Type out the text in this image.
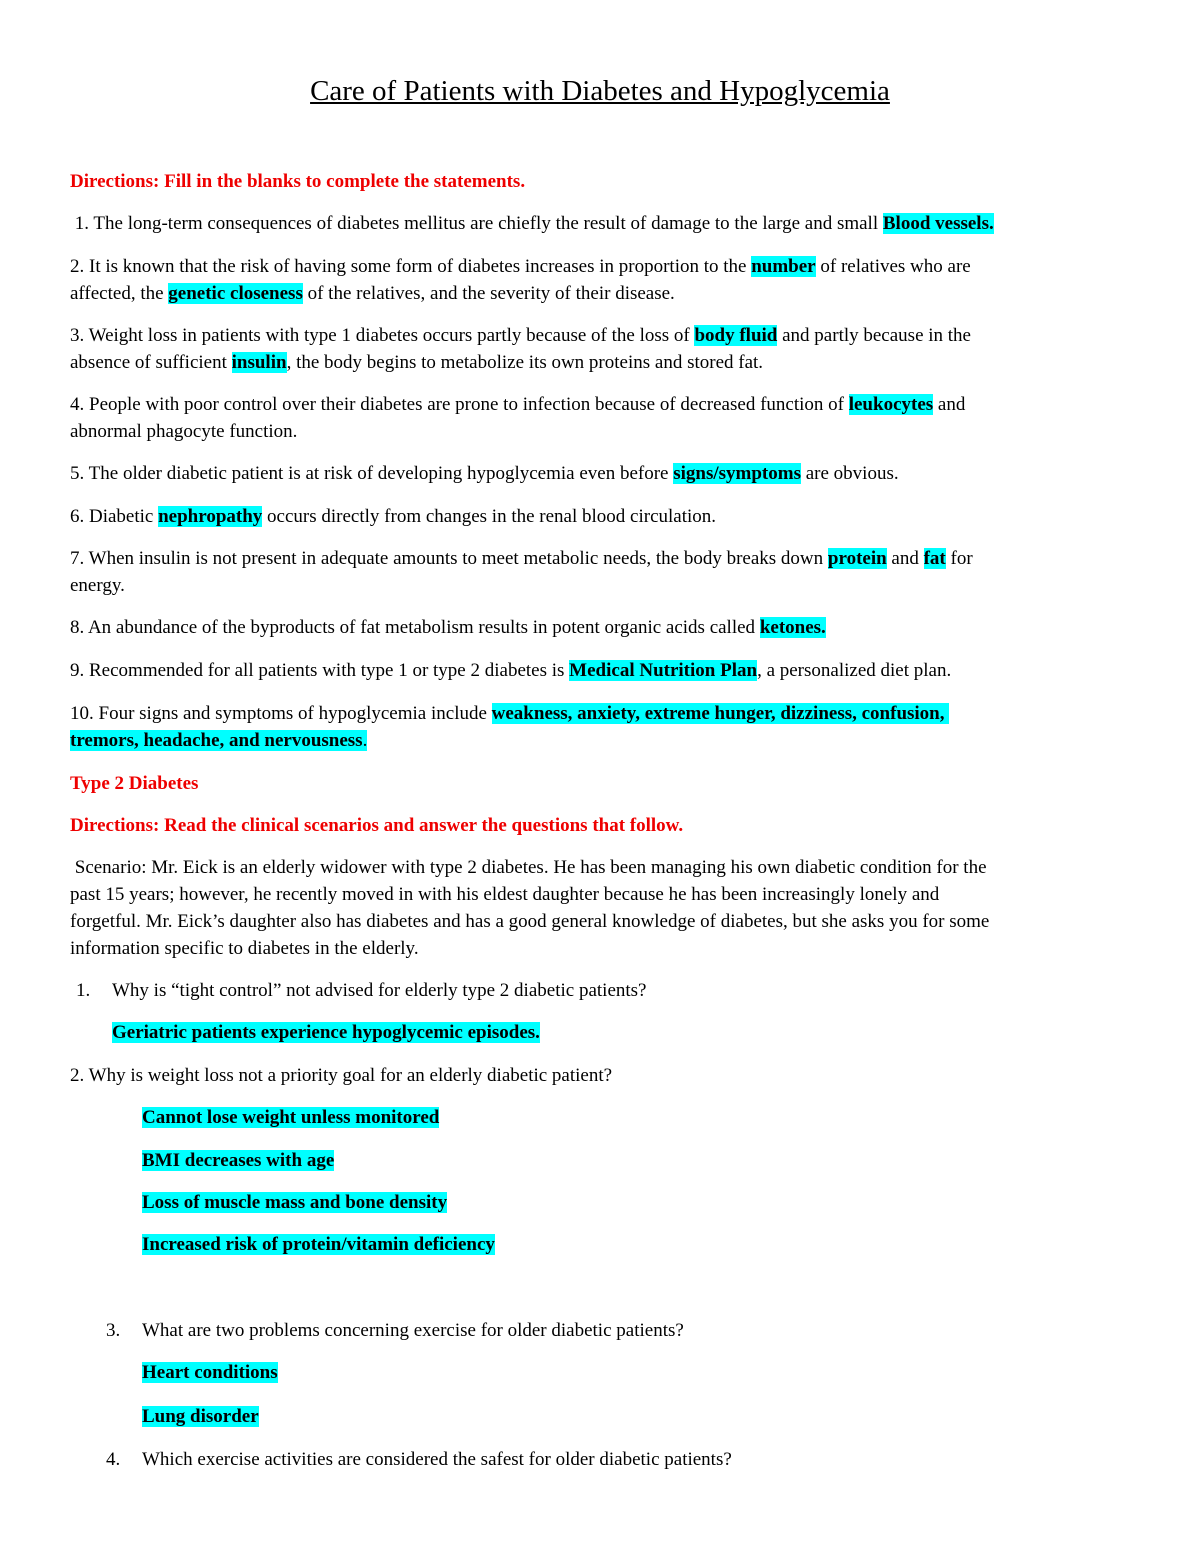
Care of Patients with Diabetes and Hypoglycemia

Directions: Fill in the blanks to complete the statements.

1. The long-term consequences of diabetes mellitus are chiefly the result of damage to the large and small Blood vessels.

2. It is known that the risk of having some form of diabetes increases in proportion to the number of relatives who are

affected, the genetic closeness of the relatives, and the severity of their disease.

3. Weight loss in patients with type 1 diabetes occurs partly because of the loss of body fluid and partly because in the

absence of sufficient insulin, the body begins to metabolize its own proteins and stored fat.

4. People with poor control over their diabetes are prone to infection because of decreased function of leukocytes and

abnormal phagocyte function.

5. The older diabetic patient is at risk of developing hypoglycemia even before signs/symptoms are obvious.

6. Diabetic nephropathy occurs directly from changes in the renal blood circulation.

7. When insulin is not present in adequate amounts to meet metabolic needs, the body breaks down protein and fat for

energy.

8. An abundance of the byproducts of fat metabolism results in potent organic acids called ketones.

9. Recommended for all patients with type 1 or type 2 diabetes is Medical Nutrition Plan, a personalized diet plan.

10. Four signs and symptoms of hypoglycemia include weakness, anxiety, extreme hunger, dizziness, confusion,

tremors, headache, and nervousness.

Type 2 Diabetes

Directions: Read the clinical scenarios and answer the questions that follow.

Scenario: Mr. Eick is an elderly widower with type 2 diabetes. He has been managing his own diabetic condition for the

past 15 years; however, he recently moved in with his eldest daughter because he has been increasingly lonely and

forgetful. Mr. Eick’s daughter also has diabetes and has a good general knowledge of diabetes, but she asks you for some

information specific to diabetes in the elderly.

1. Why is “tight control” not advised for elderly type 2 diabetic patients?

Geriatric patients experience hypoglycemic episodes.

2. Why is weight loss not a priority goal for an elderly diabetic patient?

Cannot lose weight unless monitored

BMI decreases with age

Loss of muscle mass and bone density

Increased risk of protein/vitamin deficiency

3. What are two problems concerning exercise for older diabetic patients?

Heart conditions

Lung disorder

4. Which exercise activities are considered the safest for older diabetic patients?
